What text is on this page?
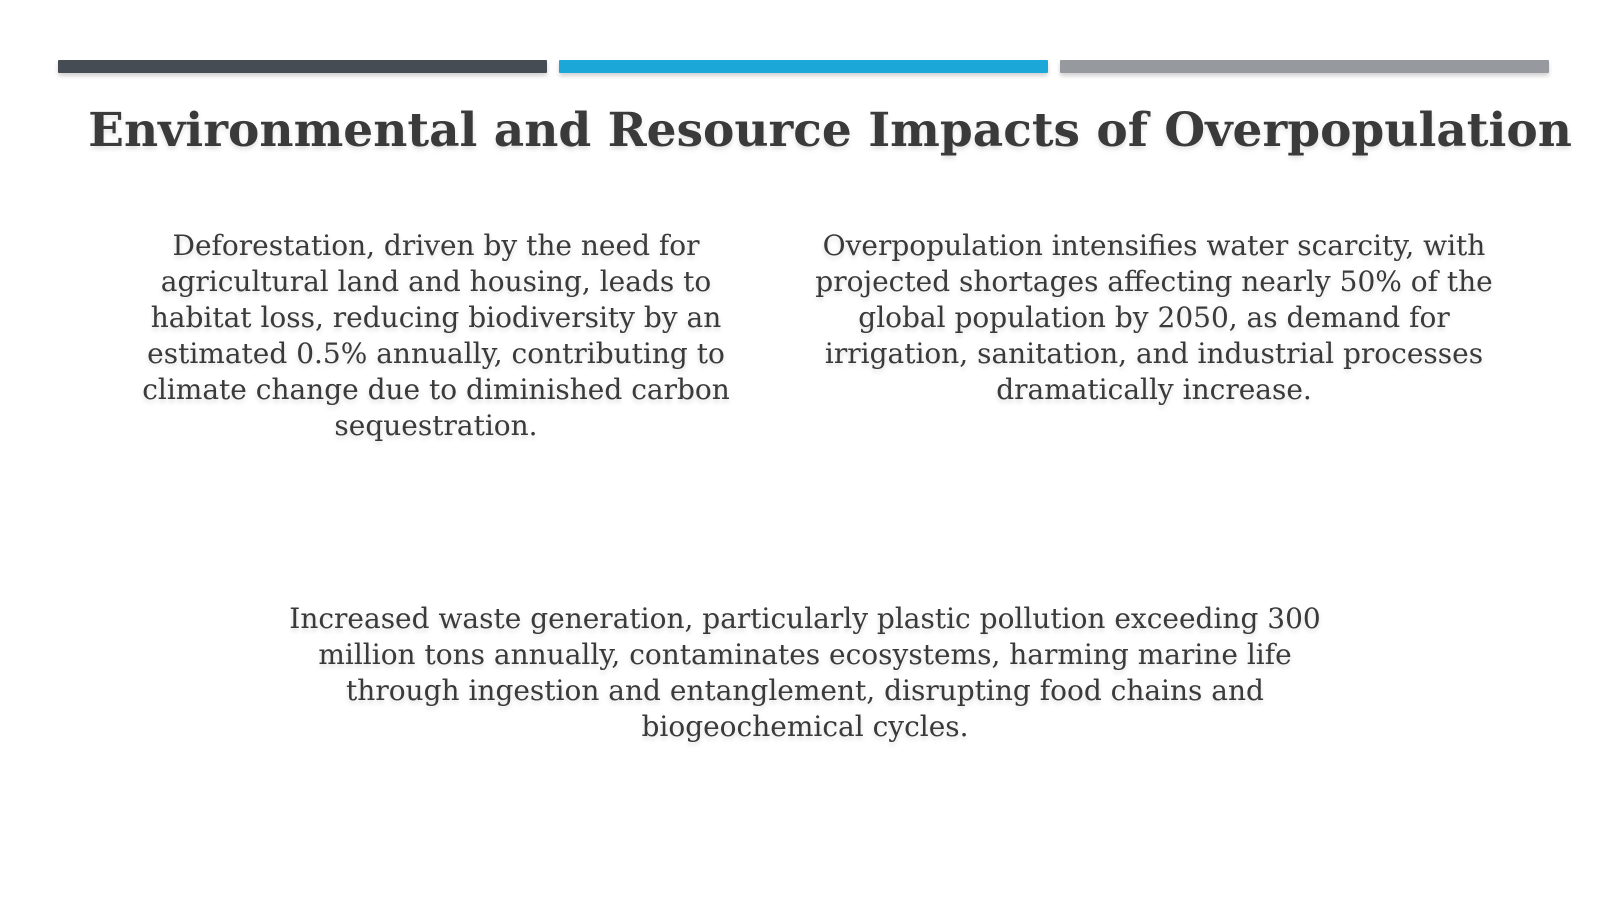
Environmental and Resource Impacts of Overpopulation

Deforestation, driven by the need for agricultural land and housing, leads to habitat loss, reducing biodiversity by an estimated 0.5% annually, contributing to climate change due to diminished carbon sequestration.

Overpopulation intensifies water scarcity, with projected shortages affecting nearly 50% of the global population by 2050, as demand for irrigation, sanitation, and industrial processes dramatically increase.

Increased waste generation, particularly plastic pollution exceeding 300 million tons annually, contaminates ecosystems, harming marine life through ingestion and entanglement, disrupting food chains and biogeochemical cycles.
